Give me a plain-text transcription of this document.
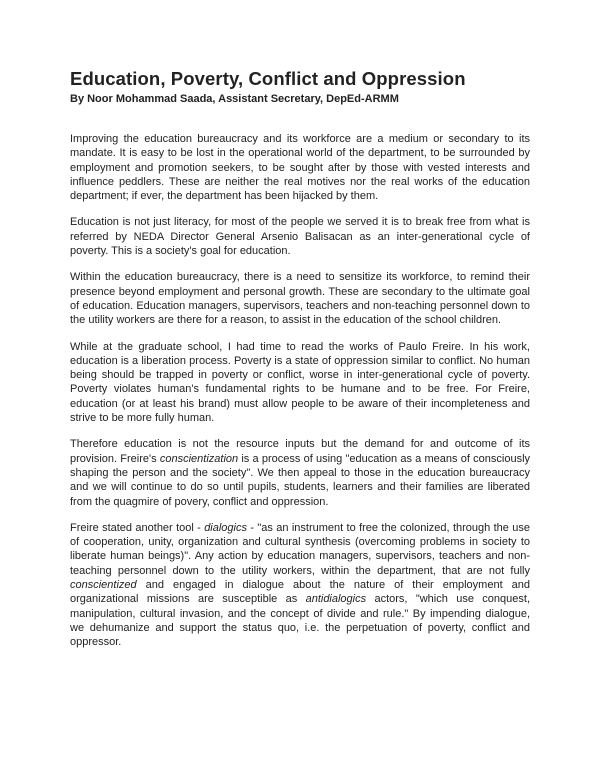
Education, Poverty, Conflict and Oppression
By Noor Mohammad Saada, Assistant Secretary, DepEd-ARMM

Improving the education bureaucracy and its workforce are a medium or secondary to its mandate. It is easy to be lost in the operational world of the department, to be surrounded by employment and promotion seekers, to be sought after by those with vested interests and influence peddlers. These are neither the real motives nor the real works of the education department; if ever, the department has been hijacked by them.

Education is not just literacy, for most of the people we served it is to break free from what is referred by NEDA Director General Arsenio Balisacan as an inter-generational cycle of poverty. This is a society's goal for education.

Within the education bureaucracy, there is a need to sensitize its workforce, to remind their presence beyond employment and personal growth. These are secondary to the ultimate goal of education. Education managers, supervisors, teachers and non-teaching personnel down to the utility workers are there for a reason, to assist in the education of the school children.

While at the graduate school, I had time to read the works of Paulo Freire. In his work, education is a liberation process. Poverty is a state of oppression similar to conflict. No human being should be trapped in poverty or conflict, worse in inter-generational cycle of poverty. Poverty violates human's fundamental rights to be humane and to be free. For Freire, education (or at least his brand) must allow people to be aware of their incompleteness and strive to be more fully human.

Therefore education is not the resource inputs but the demand for and outcome of its provision. Freire's conscientization is a process of using "education as a means of consciously shaping the person and the society". We then appeal to those in the education bureaucracy and we will continue to do so until pupils, students, learners and their families are liberated from the quagmire of povery, conflict and oppression.

Freire stated another tool - dialogics - "as an instrument to free the colonized, through the use of cooperation, unity, organization and cultural synthesis (overcoming problems in society to liberate human beings)". Any action by education managers, supervisors, teachers and non-teaching personnel down to the utility workers, within the department, that are not fully conscientized and engaged in dialogue about the nature of their employment and organizational missions are susceptible as antidialogics actors, "which use conquest, manipulation, cultural invasion, and the concept of divide and rule." By impending dialogue, we dehumanize and support the status quo, i.e. the perpetuation of poverty, conflict and oppressor.
